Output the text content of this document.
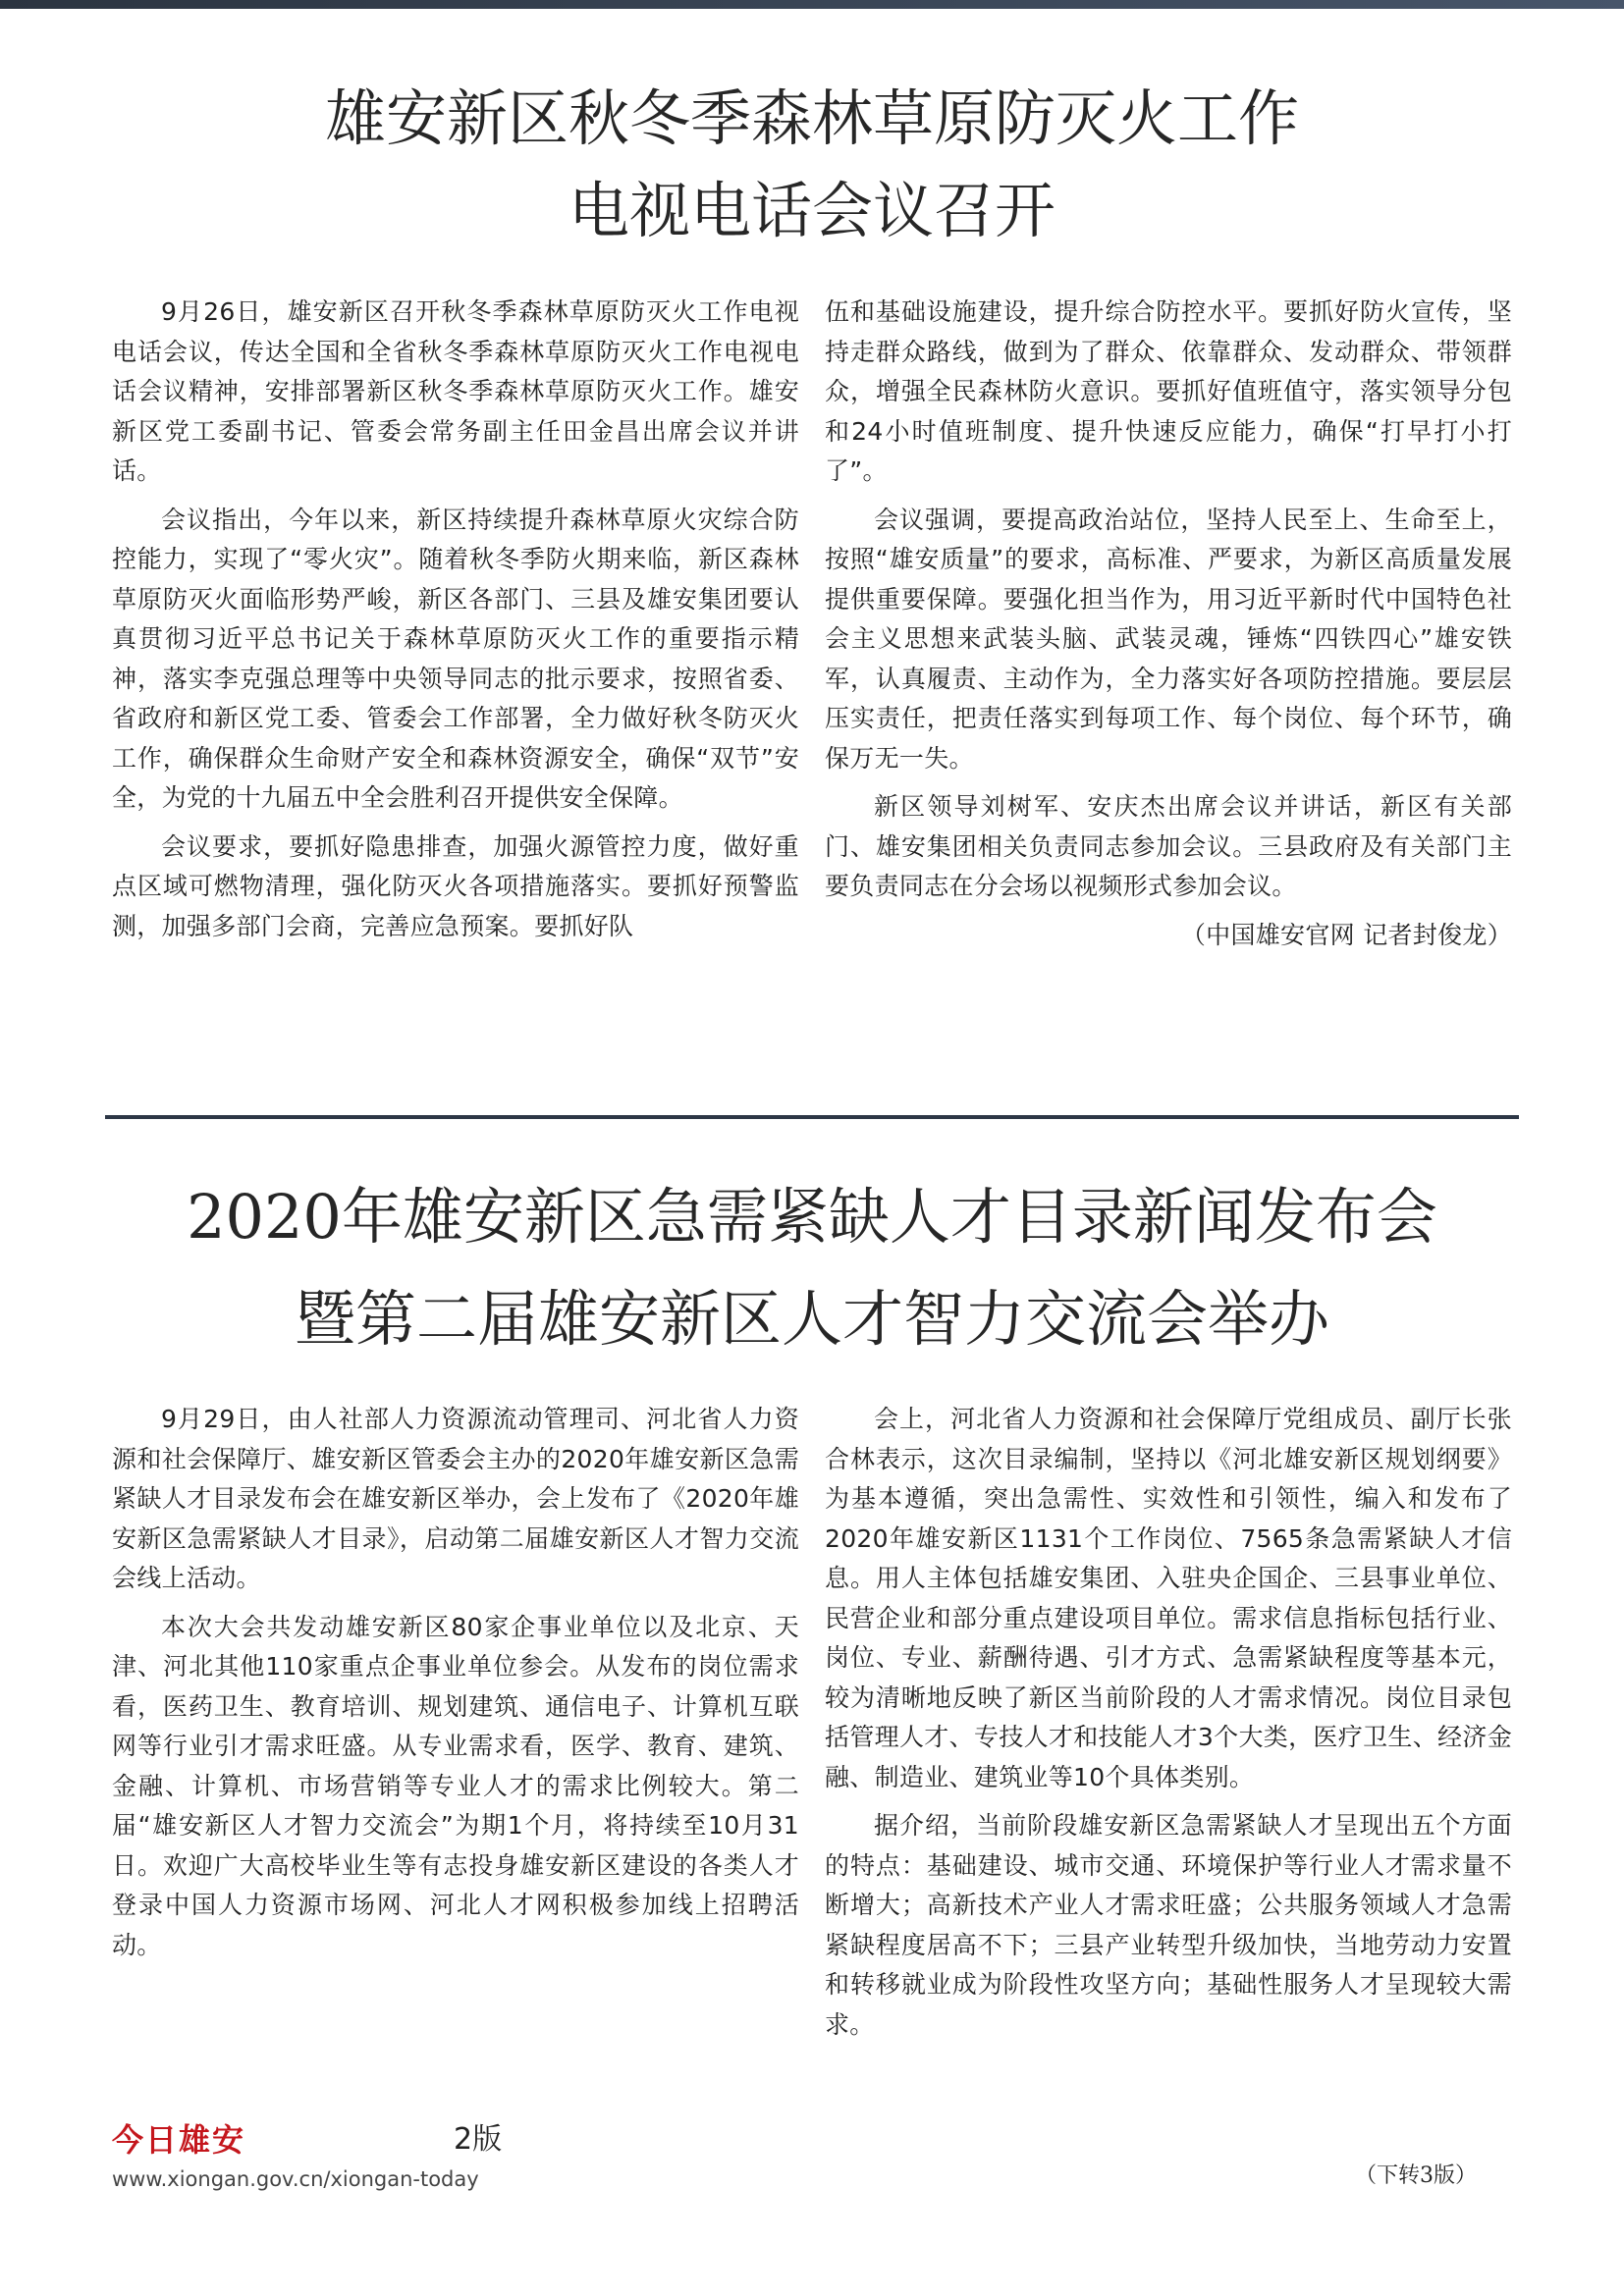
雄安新区秋冬季森林草原防灭火工作
电视电话会议召开

9月26日，雄安新区召开秋冬季森林草原防灭火工作电视电话会议，传达全国和全省秋冬季森林草原防灭火工作电视电话会议精神，安排部署新区秋冬季森林草原防灭火工作。雄安新区党工委副书记、管委会常务副主任田金昌出席会议并讲话。

会议指出，今年以来，新区持续提升森林草原火灾综合防控能力，实现了“零火灾”。随着秋冬季防火期来临，新区森林草原防灭火面临形势严峻，新区各部门、三县及雄安集团要认真贯彻习近平总书记关于森林草原防灭火工作的重要指示精神，落实李克强总理等中央领导同志的批示要求，按照省委、省政府和新区党工委、管委会工作部署，全力做好秋冬防灭火工作，确保群众生命财产安全和森林资源安全，确保“双节”安全，为党的十九届五中全会胜利召开提供安全保障。

会议要求，要抓好隐患排查，加强火源管控力度，做好重点区域可燃物清理，强化防灭火各项措施落实。要抓好预警监测，加强多部门会商，完善应急预案。要抓好队

伍和基础设施建设，提升综合防控水平。要抓好防火宣传，坚持走群众路线，做到为了群众、依靠群众、发动群众、带领群众，增强全民森林防火意识。要抓好值班值守，落实领导分包和24小时值班制度、提升快速反应能力，确保“打早打小打了”。

会议强调，要提高政治站位，坚持人民至上、生命至上，按照“雄安质量”的要求，高标准、严要求，为新区高质量发展提供重要保障。要强化担当作为，用习近平新时代中国特色社会主义思想来武装头脑、武装灵魂，锤炼“四铁四心”雄安铁军，认真履责、主动作为，全力落实好各项防控措施。要层层压实责任，把责任落实到每项工作、每个岗位、每个环节，确保万无一失。

新区领导刘树军、安庆杰出席会议并讲话，新区有关部门、雄安集团相关负责同志参加会议。三县政府及有关部门主要负责同志在分会场以视频形式参加会议。

（中国雄安官网 记者封俊龙）

2020年雄安新区急需紧缺人才目录新闻发布会
暨第二届雄安新区人才智力交流会举办

9月29日，由人社部人力资源流动管理司、河北省人力资源和社会保障厅、雄安新区管委会主办的2020年雄安新区急需紧缺人才目录发布会在雄安新区举办，会上发布了《2020年雄安新区急需紧缺人才目录》，启动第二届雄安新区人才智力交流会线上活动。

本次大会共发动雄安新区80家企事业单位以及北京、天津、河北其他110家重点企事业单位参会。从发布的岗位需求看，医药卫生、教育培训、规划建筑、通信电子、计算机互联网等行业引才需求旺盛。从专业需求看，医学、教育、建筑、金融、计算机、市场营销等专业人才的需求比例较大。第二届“雄安新区人才智力交流会”为期1个月，将持续至10月31日。欢迎广大高校毕业生等有志投身雄安新区建设的各类人才登录中国人力资源市场网、河北人才网积极参加线上招聘活动。

会上，河北省人力资源和社会保障厅党组成员、副厅长张合林表示，这次目录编制，坚持以《河北雄安新区规划纲要》为基本遵循，突出急需性、实效性和引领性，编入和发布了2020年雄安新区1131个工作岗位、7565条急需紧缺人才信息。用人主体包括雄安集团、入驻央企国企、三县事业单位、民营企业和部分重点建设项目单位。需求信息指标包括行业、岗位、专业、薪酬待遇、引才方式、急需紧缺程度等基本元，较为清晰地反映了新区当前阶段的人才需求情况。岗位目录包括管理人才、专技人才和技能人才3个大类，医疗卫生、经济金融、制造业、建筑业等10个具体类别。

据介绍，当前阶段雄安新区急需紧缺人才呈现出五个方面的特点：基础建设、城市交通、环境保护等行业人才需求量不断增大；高新技术产业人才需求旺盛；公共服务领域人才急需紧缺程度居高不下；三县产业转型升级加快，当地劳动力安置和转移就业成为阶段性攻坚方向；基础性服务人才呈现较大需求。

今日雄安	2版
www.xiongan.gov.cn/xiongan-today	（下转3版）
